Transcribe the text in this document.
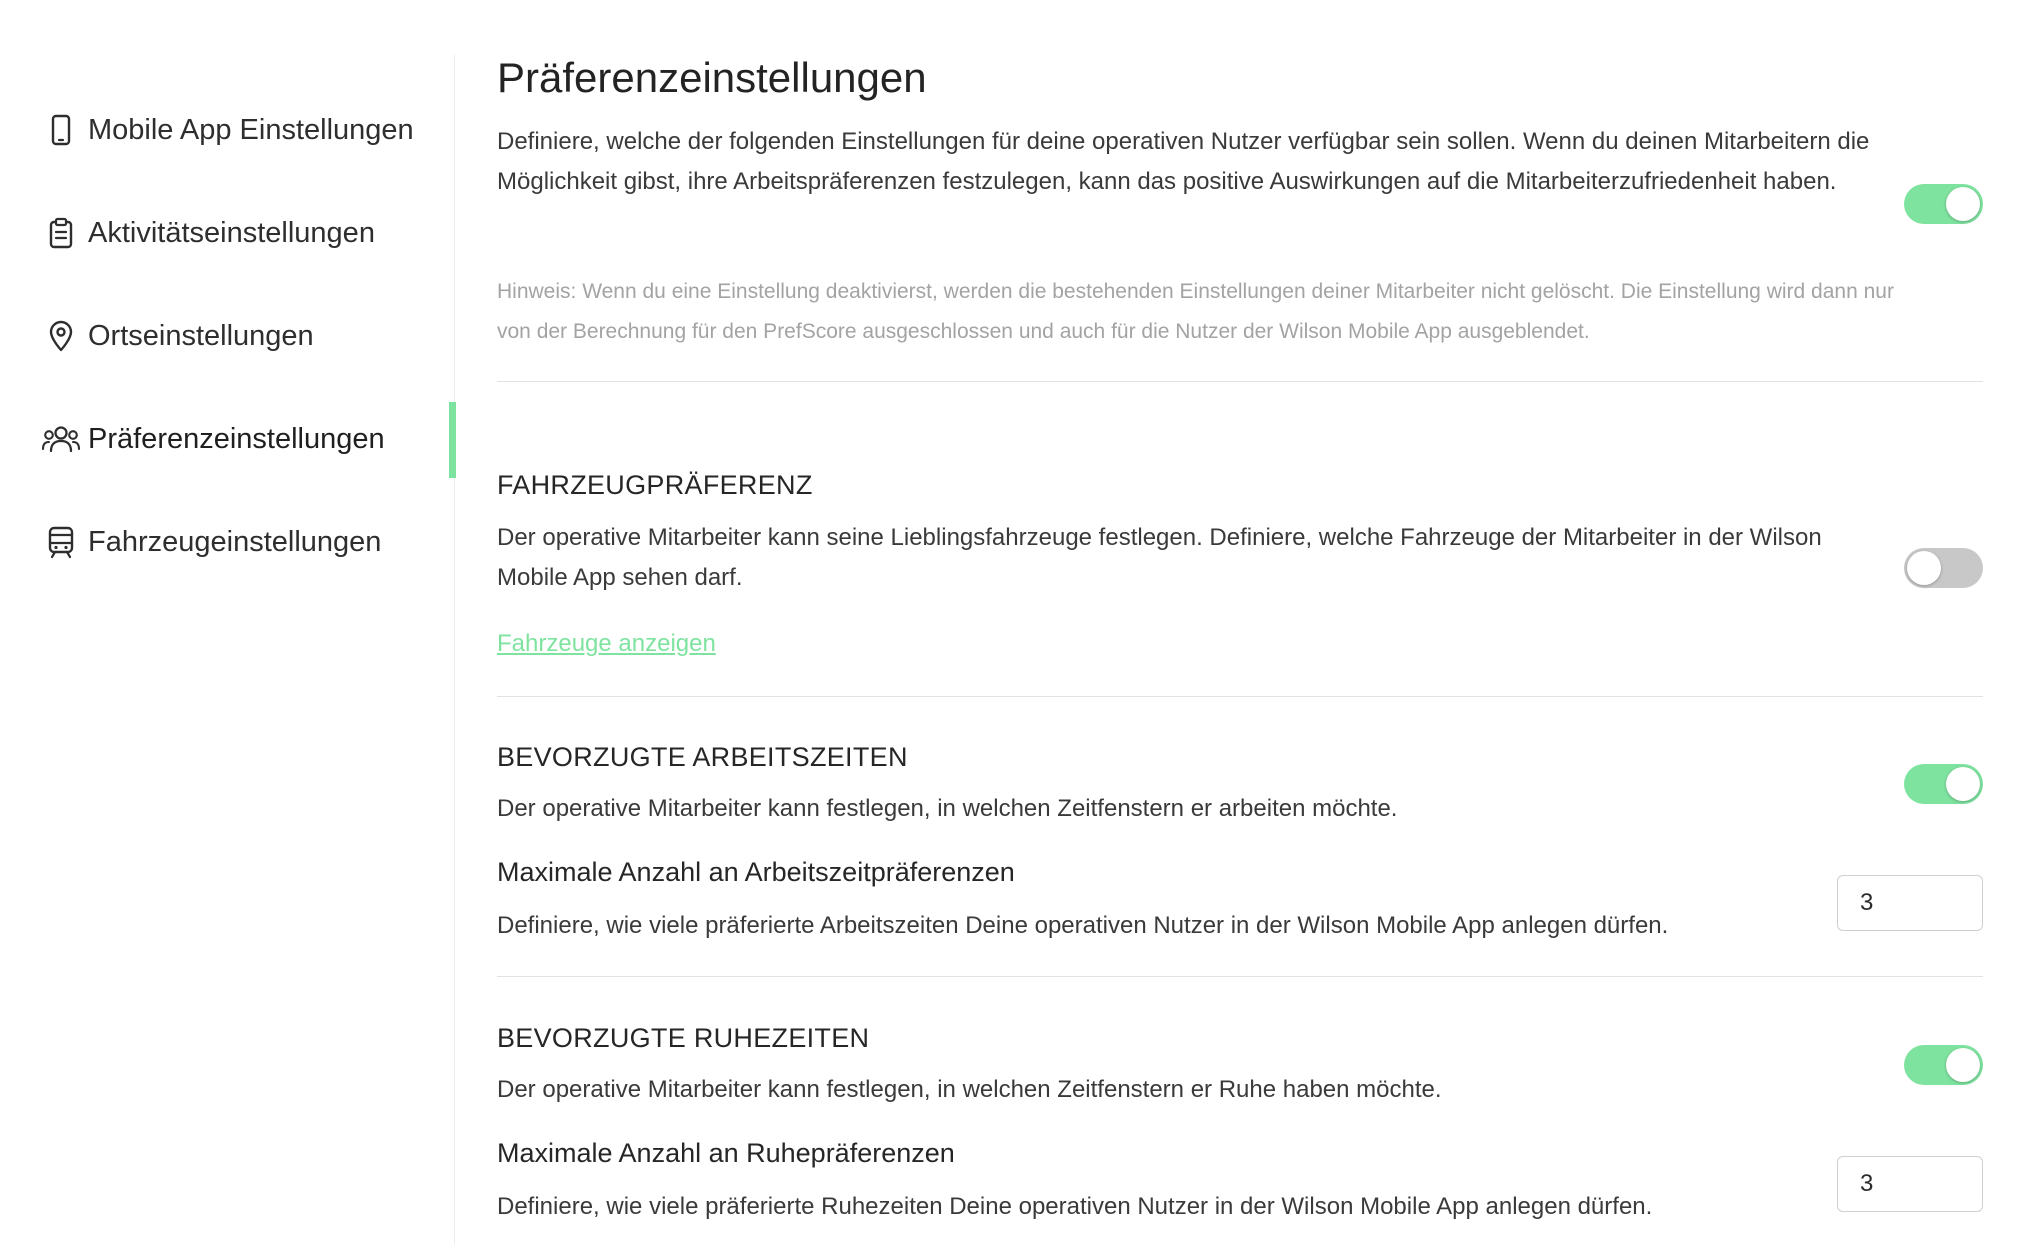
Mobile App Einstellungen
Aktivitätseinstellungen
Ortseinstellungen
Präferenzeinstellungen
Fahrzeugeinstellungen
Präferenzeinstellungen

Definiere, welche der folgenden Einstellungen für deine operativen Nutzer verfügbar sein sollen. Wenn du deinen Mitarbeitern die Möglichkeit gibst, ihre Arbeitspräferenzen festzulegen, kann das positive Auswirkungen auf die Mitarbeiterzufriedenheit haben.

Hinweis: Wenn du eine Einstellung deaktivierst, werden die bestehenden Einstellungen deiner Mitarbeiter nicht gelöscht. Die Einstellung wird dann nur von der Berechnung für den PrefScore ausgeschlossen und auch für die Nutzer der Wilson Mobile App ausgeblendet.

FAHRZEUGPRÄFERENZ

Der operative Mitarbeiter kann seine Lieblingsfahrzeuge festlegen. Definiere, welche Fahrzeuge der Mitarbeiter in der Wilson Mobile App sehen darf.

Fahrzeuge anzeigen
BEVORZUGTE ARBEITSZEITEN

Der operative Mitarbeiter kann festlegen, in welchen Zeitfenstern er arbeiten möchte.

Maximale Anzahl an Arbeitszeitpräferenzen

Definiere, wie viele präferierte Arbeitszeiten Deine operativen Nutzer in der Wilson Mobile App anlegen dürfen.

3
BEVORZUGTE RUHEZEITEN

Der operative Mitarbeiter kann festlegen, in welchen Zeitfenstern er Ruhe haben möchte.

Maximale Anzahl an Ruhepräferenzen

Definiere, wie viele präferierte Ruhezeiten Deine operativen Nutzer in der Wilson Mobile App anlegen dürfen.

3
